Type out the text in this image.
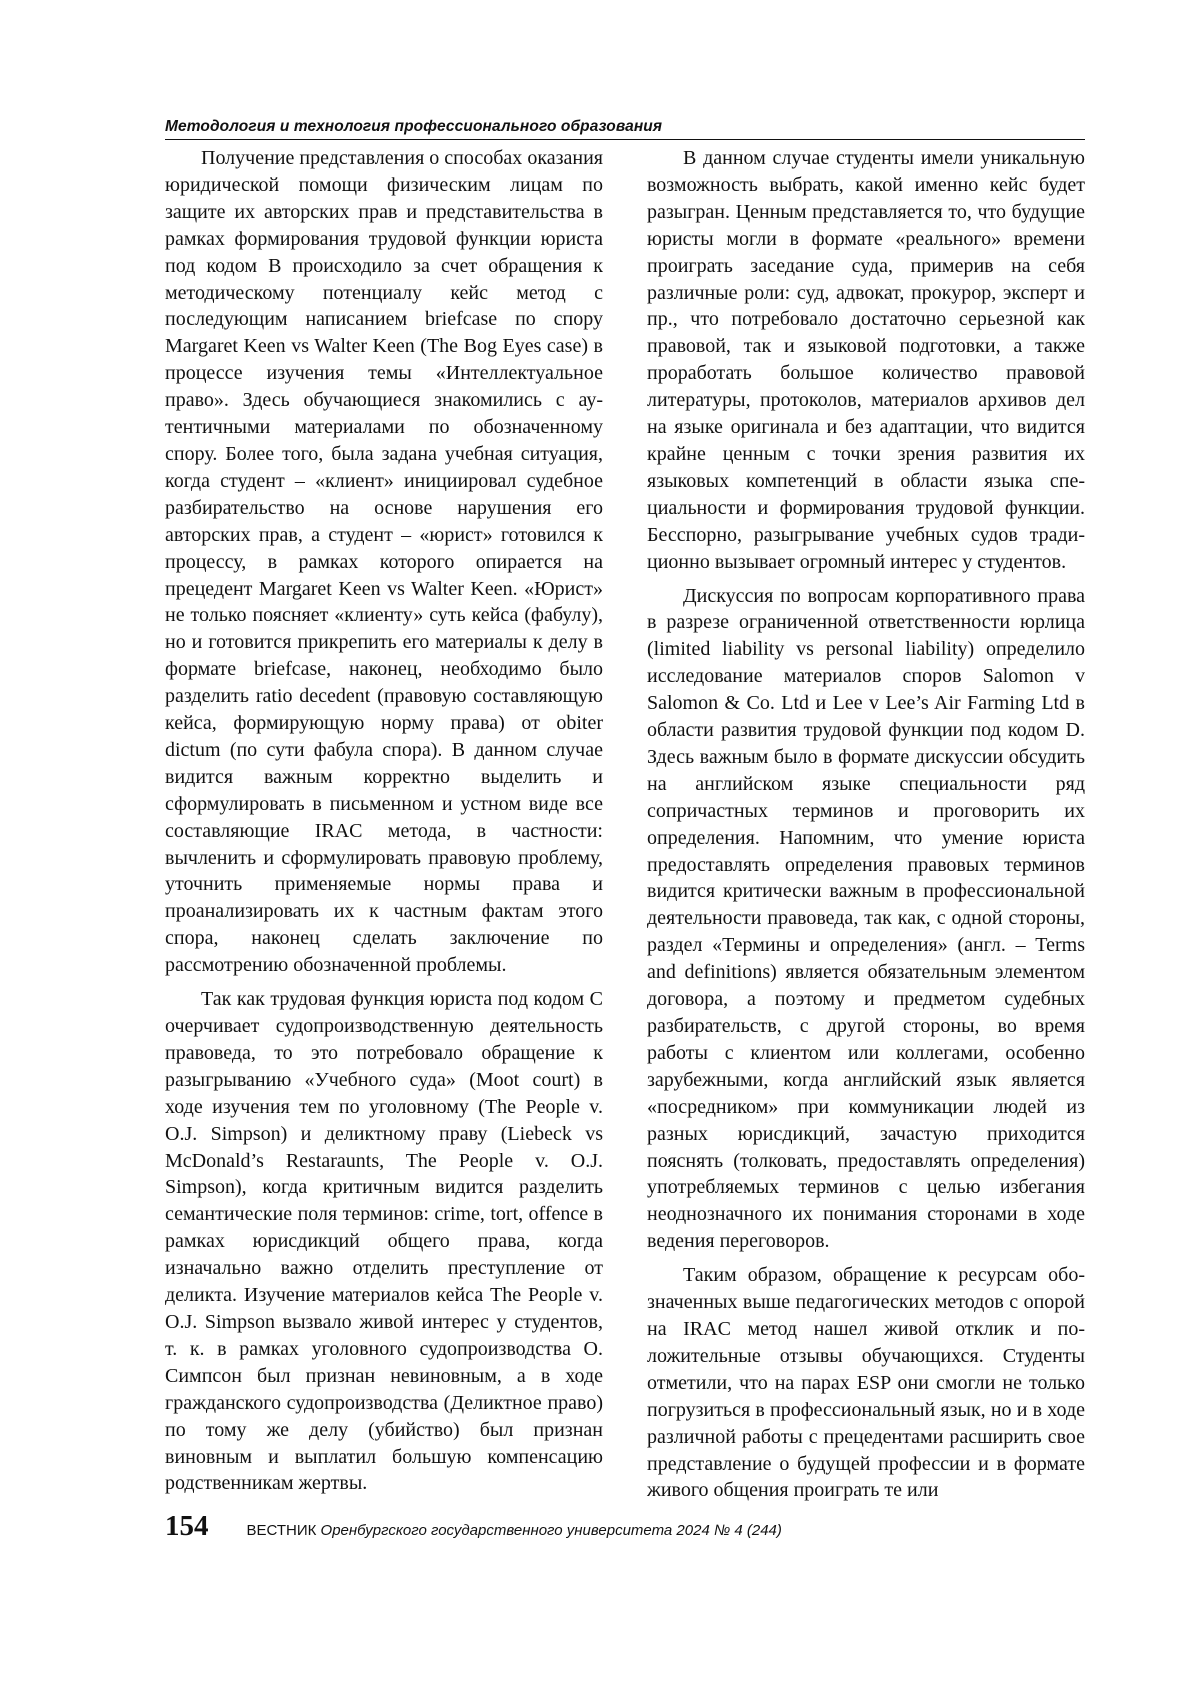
Методология и технология профессионального образования

Получение представления о способах оказания юридической помощи физическим лицам по защите их авторских прав и представительства в рамках формирования трудовой функции юриста под кодом B происходило за счет обращения к методическому потенциалу кейс метод с последующим написанием briefcase по спору Margaret Keen vs Walter Keen (The Bog Eyes case) в процессе изучения темы «Интеллектуальное право». Здесь обучающиеся знакомились с аутентичными материалами по обозначенному спору. Более того, была задана учебная ситуация, когда студент – «клиент» инициировал судебное разбирательство на основе нарушения его авторских прав, а студент – «юрист» готовился к процессу, в рамках которого опирается на прецедент Margaret Keen vs Walter Keen. «Юрист» не только поясняет «клиенту» суть кейса (фабулу), но и готовится прикрепить его материалы к делу в формате briefcase, наконец, необходимо было разделить ratio decedent (правовую составляющую кейса, формирующую норму права) от obiter dictum (по сути фабула спора). В данном случае видится важным корректно выделить и сформулировать в письменном и устном виде все составляющие IRAC метода, в частности: вычленить и сформулировать правовую проблему, уточнить применяемые нормы права и проанализировать их к частным фактам этого спора, наконец сделать заключение по рассмотрению обозначенной проблемы.

Так как трудовая функция юриста под кодом C очерчивает судопроизводственную деятельность правоведа, то это потребовало обращение к разыгрыванию «Учебного суда» (Moot court) в ходе изучения тем по уголовному (The People v. O.J. Simpson) и деликтному праву (Liebeck vs McDonald’s Restaraunts, The People v. O.J. Simpson), когда критичным видится разделить семантические поля терминов: crime, tort, offence в рамках юрисдикций общего права, когда изначально важно отделить преступление от деликта. Изучение материалов кейса The People v. O.J. Simpson вызвало живой интерес у студентов, т. к. в рамках уголовного судопроизводства О. Симпсон был признан невиновным, а в ходе гражданского судопроизводства (Деликтное право) по тому же делу (убийство) был признан виновным и выплатил большую компенсацию родственникам жертвы.

В данном случае студенты имели уникальную возможность выбрать, какой именно кейс будет разыгран. Ценным представляется то, что будущие юристы могли в формате «реального» времени проиграть заседание суда, примерив на себя различные роли: суд, адвокат, прокурор, эксперт и пр., что потребовало достаточно серьезной как правовой, так и языковой подготовки, а также проработать большое количество правовой литературы, протоколов, материалов архивов дел на языке оригинала и без адаптации, что видится крайне ценным с точки зрения развития их языковых компетенций в области языка специальности и формирования трудовой функции. Бесспорно, разыгрывание учебных судов традиционно вызывает огромный интерес у студентов.

Дискуссия по вопросам корпоративного права в разрезе ограниченной ответственности юрлица (limited liability vs personal liability) определило исследование материалов споров Salomon v Salomon & Co. Ltd и Lee v Lee’s Air Farming Ltd в области развития трудовой функции под кодом D. Здесь важным было в формате дискуссии обсудить на английском языке специальности ряд сопричастных терминов и проговорить их определения. Напомним, что умение юриста предоставлять определения правовых терминов видится критически важным в профессиональной деятельности правоведа, так как, с одной стороны, раздел «Термины и определения» (англ. – Terms and definitions) является обязательным элементом договора, а поэтому и предметом судебных разбирательств, с другой стороны, во время работы с клиентом или коллегами, особенно зарубежными, когда английский язык является «посредником» при коммуникации людей из разных юрисдикций, зачастую приходится пояснять (толковать, предоставлять определения) употребляемых терминов с целью избегания неоднозначного их понимания сторонами в ходе ведения переговоров.

Таким образом, обращение к ресурсам обозначенных выше педагогических методов с опорой на IRAC метод нашел живой отклик и положительные отзывы обучающихся. Студенты отметили, что на парах ESP они смогли не только погрузиться в профессиональный язык, но и в ходе различной работы с прецедентами расширить свое представление о будущей профессии и в формате живого общения проиграть те или

154	ВЕСТНИК Оренбургского государственного университета 2024 № 4 (244)
